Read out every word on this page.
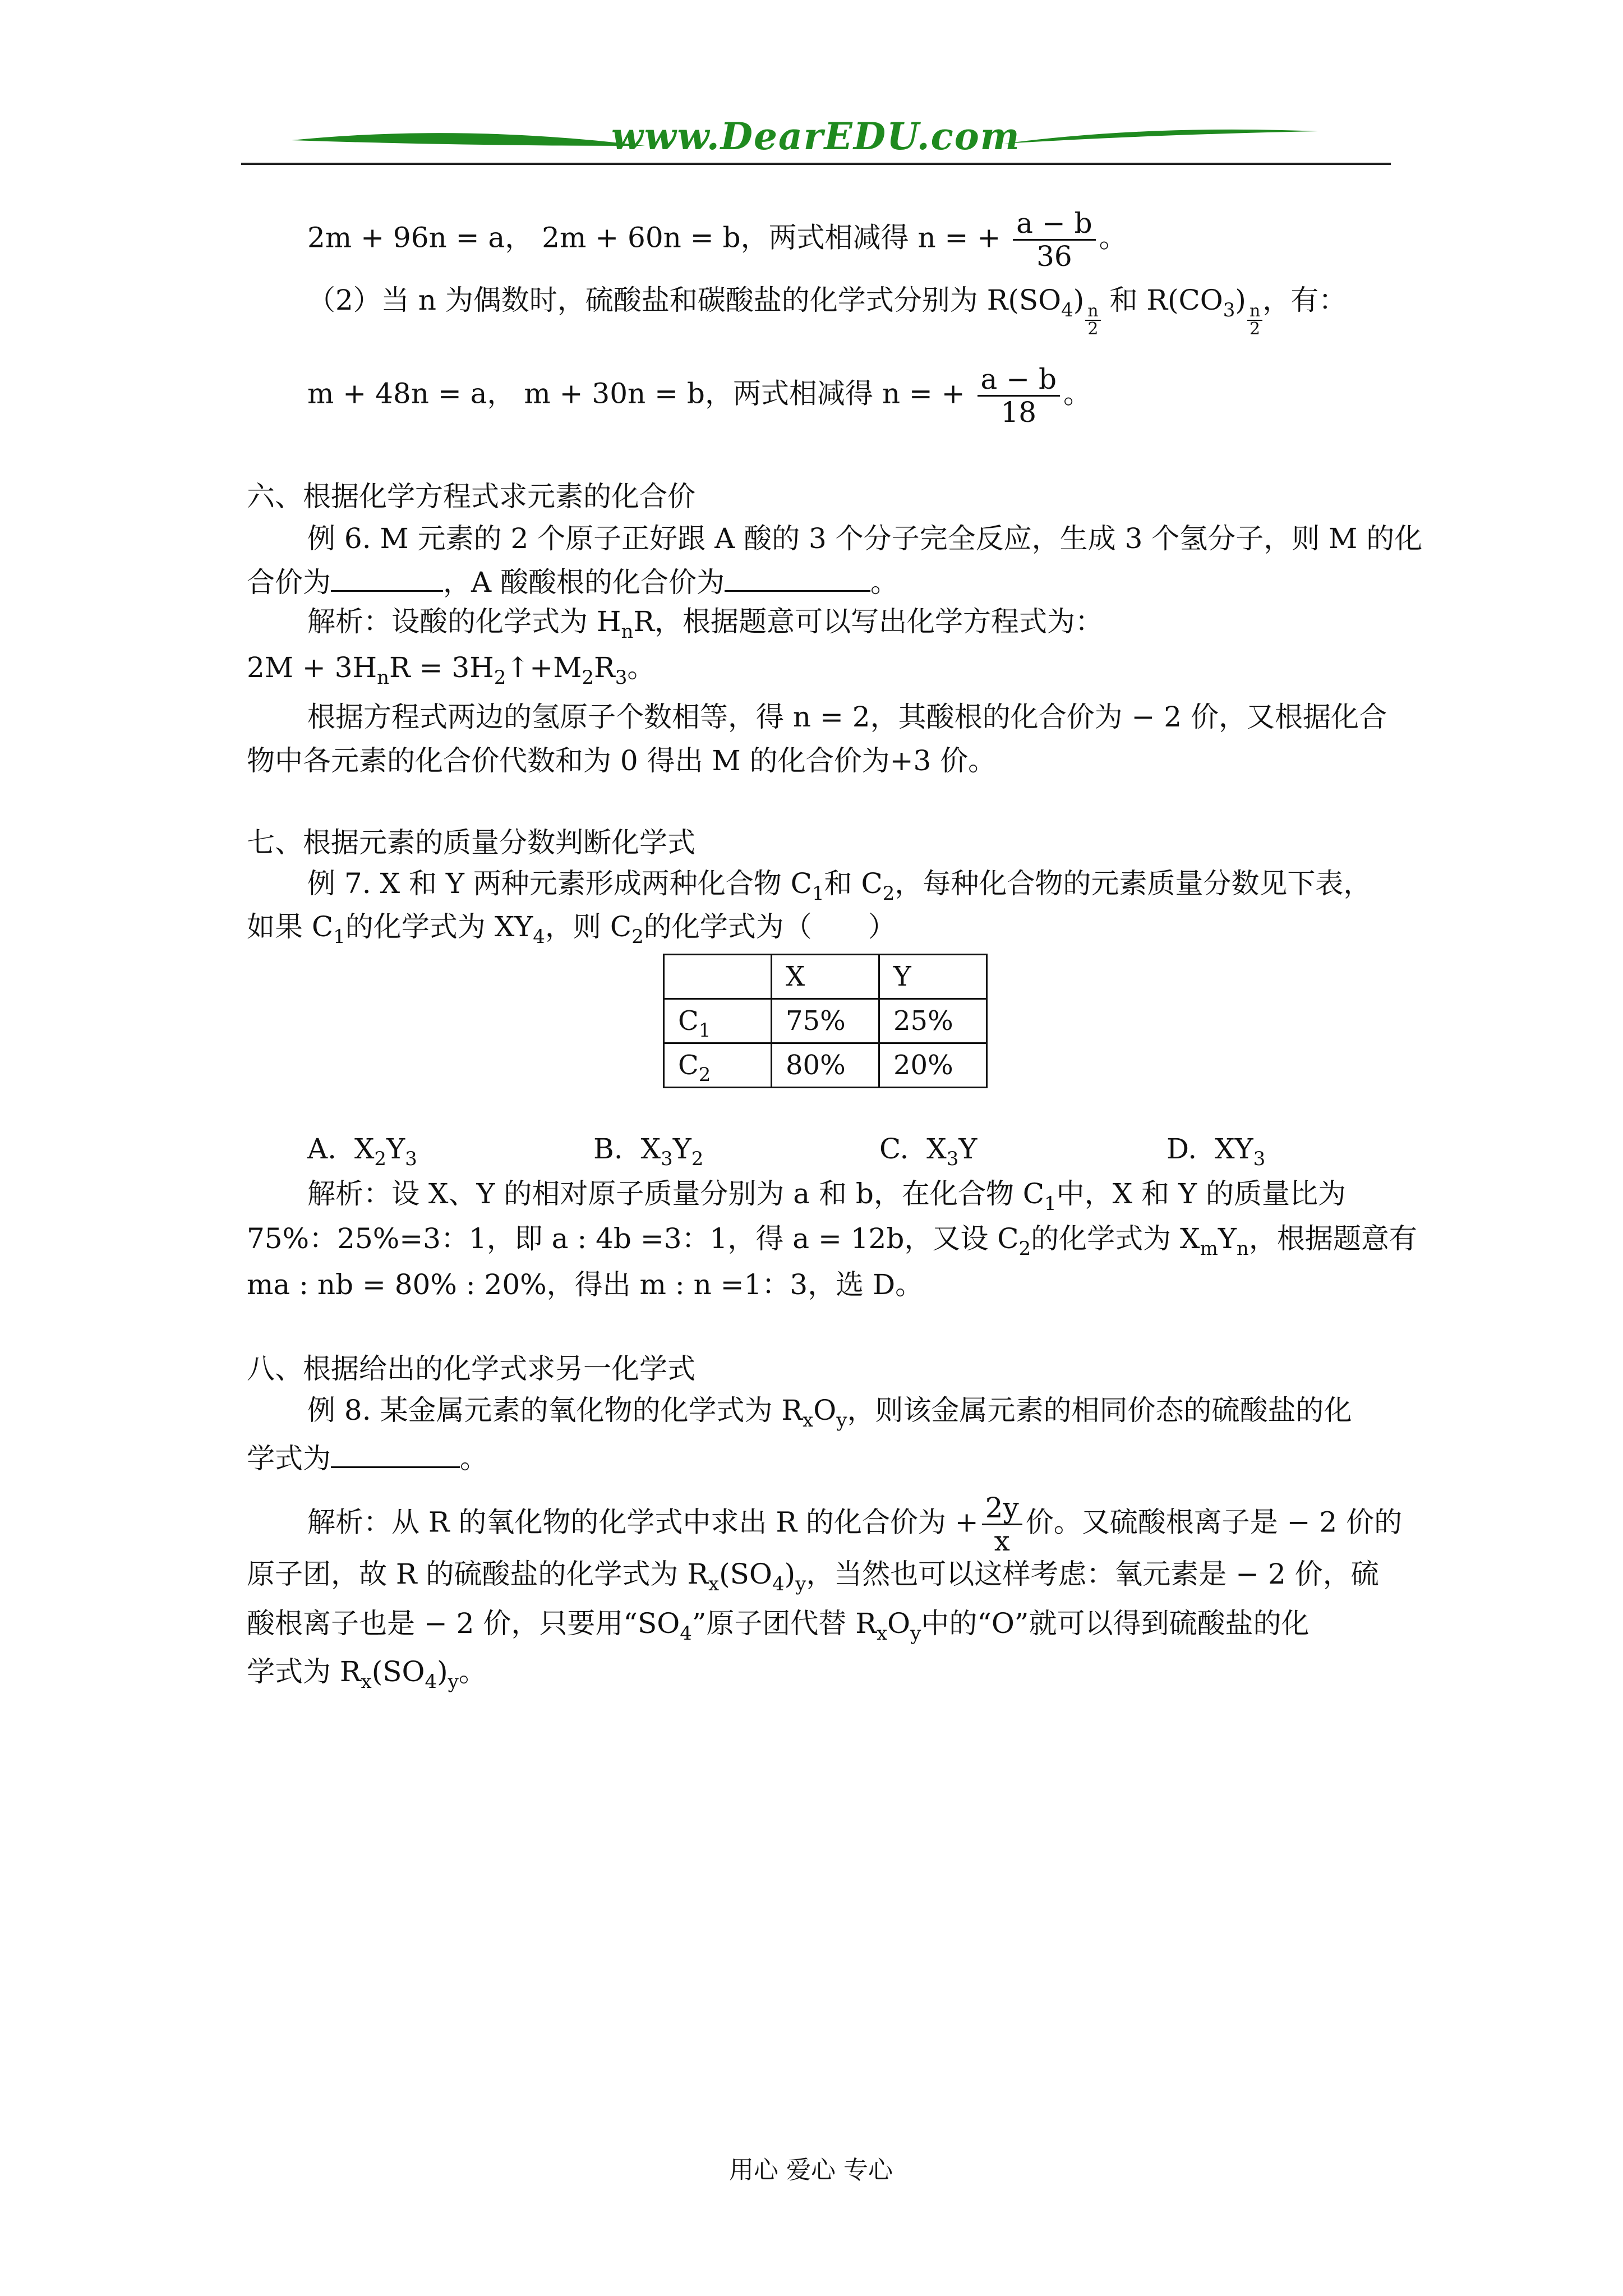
www.DearEDU.com
2m + 96n = a， 2m + 60n = b，两式相减得 n = + $\frac{a - b}{36}$ 。
（2）当 n 为偶数时，硫酸盐和碳酸盐的化学式分别为 $R(SO_4)$
$\frac{n}{2}$ 和 $R(CO_3)$
$\frac{n}{2}$，有：
m + 48n = a， m + 30n = b，两式相减得 n = + $\frac{a - b}{18}$ 。
六、根据化学方程式求元素的化合价
例 6. M 元素的 2 个原子正好跟 A 酸的 3 个分子完全反应，生成 3 个氢分子，则 M 的化
合价为	，A 酸酸根的化合价为	。
解析：设酸的化学式为 $H_nR$，根据题意可以写出化学方程式为：
$2M + 3H_nR$ = $3H_2↑+M_2R_3$。
根据方程式两边的氢原子个数相等，得 n = 2，其酸根的化合价为 − 2 价，又根据化合
物中各元素的化合价代数和为 0 得出 M 的化合价为+3 价。
七、根据元素的质量分数判断化学式
例 7. X 和 Y 两种元素形成两种化合物 $C_1$和 $C_2$，每种化合物的元素质量分数见下表，
如果 $C_1$的化学式为 $XY_4$，则 $C_2$的化学式为（　　）
	X	Y
$C_1$	75%	25%
$C_2$	80%	20%
A. $X_2Y_3$	B. $X_3Y_2$	C. $X_3Y$	D. $XY_3$
解析：设 X、Y 的相对原子质量分别为 a 和 b，在化合物 $C_1$中，X 和 Y 的质量比为
75%：25%=3：1，即 a : 4b =3：1，得 a = 12b，又设 $C_2$的化学式为 $X_mY_n$，根据题意有
ma : nb = 80% : 20%，得出 m : n =1：3，选 D。
八、根据给出的化学式求另一化学式
例 8. 某金属元素的氧化物的化学式为 $R_xO_y$，则该金属元素的相同价态的硫酸盐的化
学式为	。
解析：从 R 的氧化物的化学式中求出 R 的化合价为 + $\frac{2y}{x}$ 价。又硫酸根离子是 − 2 价的
原子团，故 R 的硫酸盐的化学式为 $R_x(SO_4)_y$，当然也可以这样考虑：氧元素是 − 2 价，硫
酸根离子也是 − 2 价，只要用“$SO_4$”原子团代替 $R_xO_y$中的“O”就可以得到硫酸盐的化
学式为 $R_x(SO_4)_y$。
用心 爱心 专心
